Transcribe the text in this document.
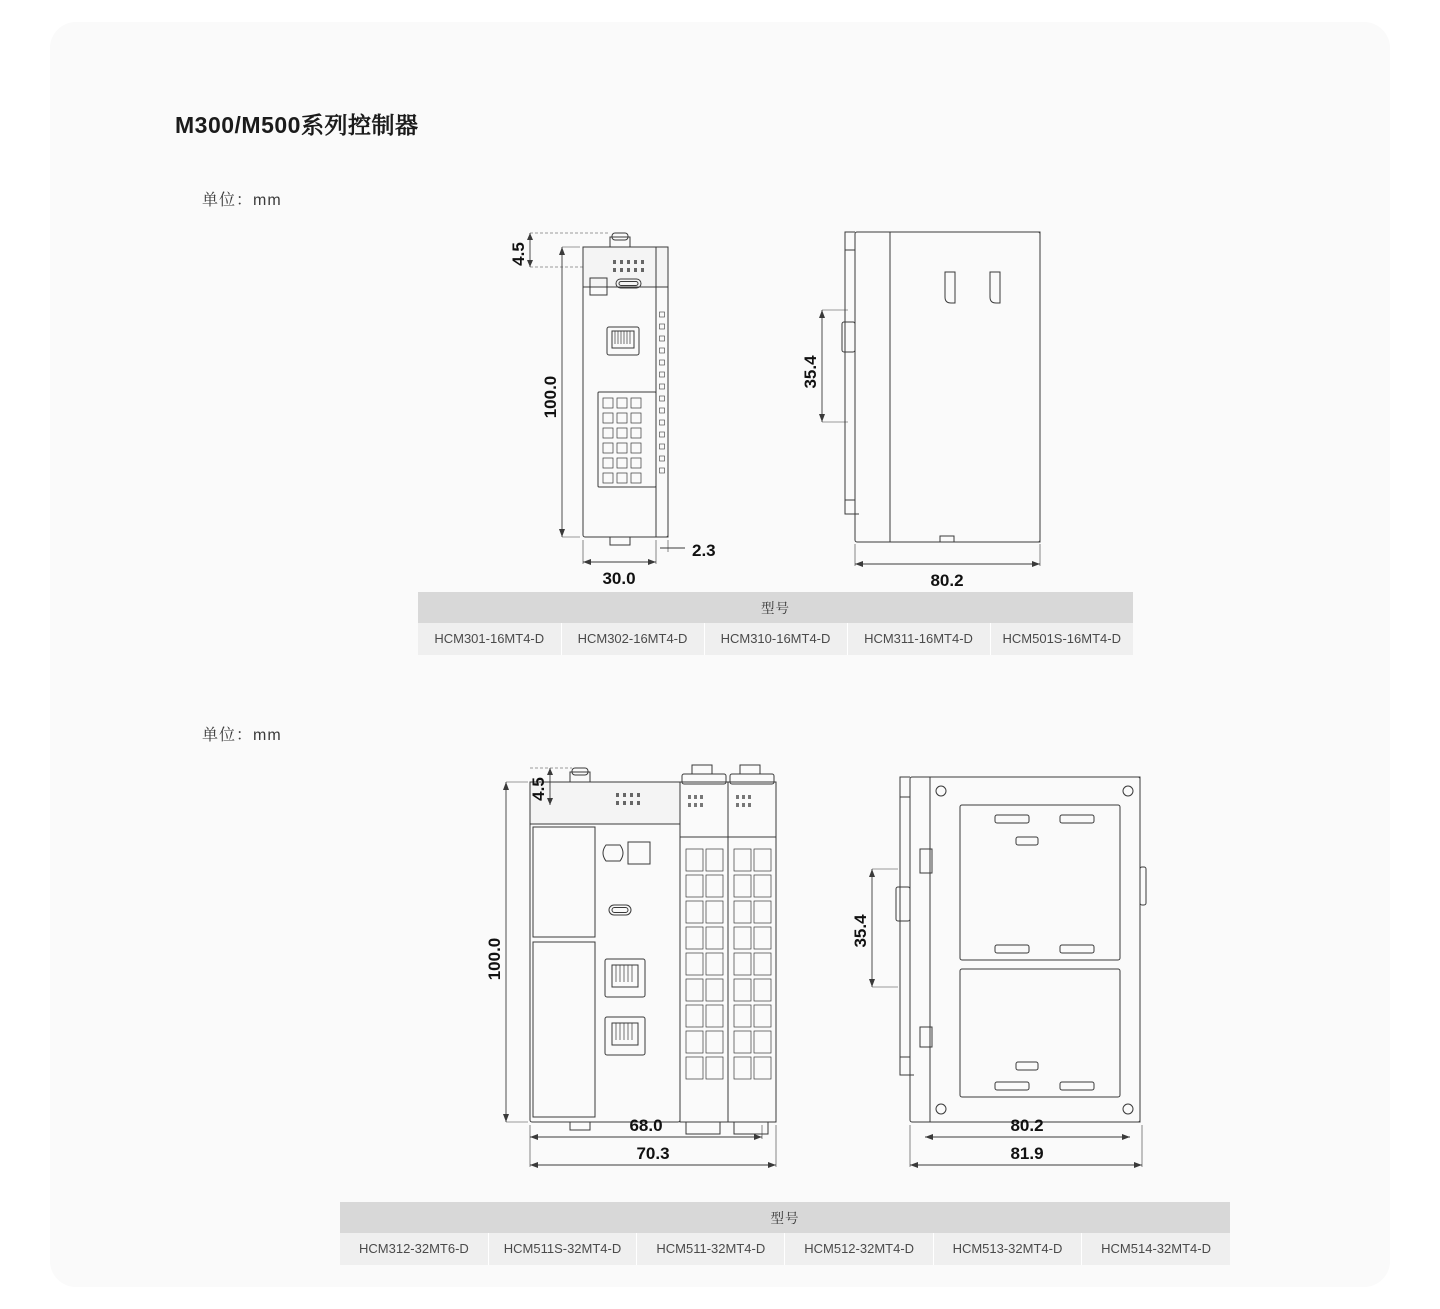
M300/M500系列控制器
单位：mm
单位：mm
100.0
4.5
30.0
2.3
35.4
80.2
型号
HCM301-16MT4-D	HCM302-16MT4-D	HCM310-16MT4-D	HCM311-16MT4-D	HCM501S-16MT4-D
100.0
4.5
68.0
70.3
35.4
80.2
81.9
型号
HCM312-32MT6-D	HCM511S-32MT4-D	HCM511-32MT4-D	HCM512-32MT4-D	HCM513-32MT4-D	HCM514-32MT4-D
